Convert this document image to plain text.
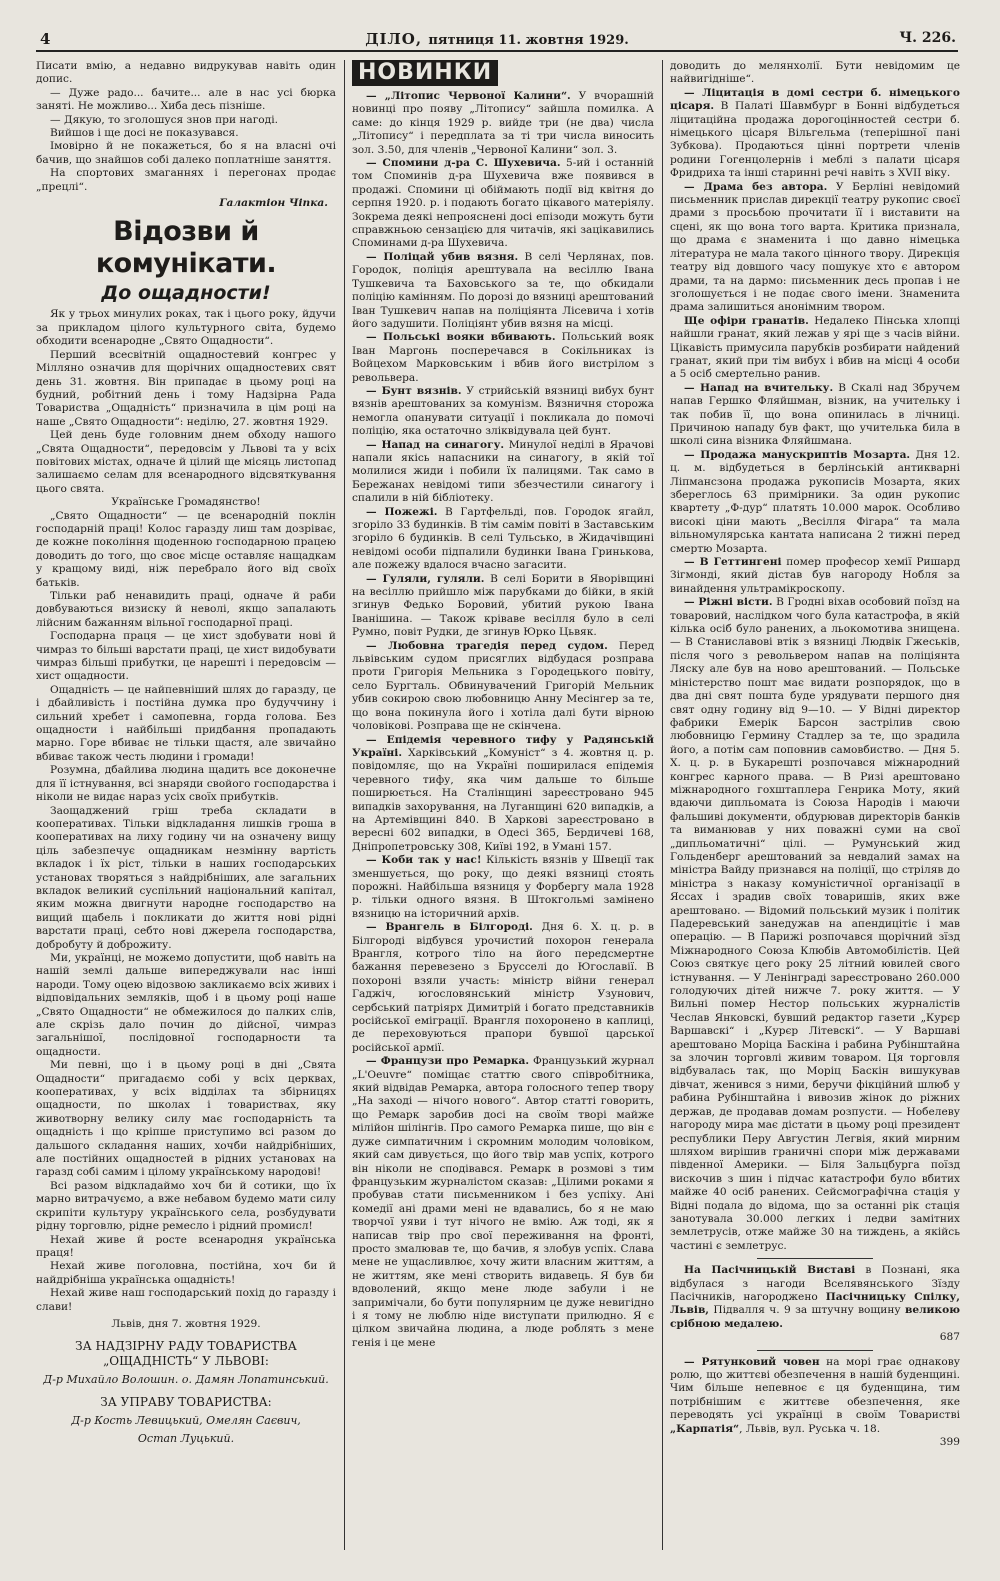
4	ДІЛО, пятниця 11. жовтня 1929.	Ч. 226.

Писати вмію, а недавно видрукував навіть один допис.

— Дуже радо... бачите... але в нас усі бюрка заняті. Не можливо... Хиба десь пізніше.

— Дякую, то зголошуся знов при нагоді.

Вийшов і ще досі не показувався.

Імовірно й не покажеться, бо я на власні очі бачив, що знайшов собі далеко поплатніше заняття.

На спортових змаганнях і перегонах продає „прецлі“.

Галактіон Чіпка.

Відозви й комунікати.
До ощадности!

Як у трьох минулих роках, так і цього року, йдучи за прикладом цілого культурного світа, будемо обходити всенародне „Свято Ощадности“.

Перший всесвітній ощадностевий конгрес у Мілляно означив для щорічних ощадностевих свят день 31. жовтня. Він припадає в цьому році на будний, робітний день і тому Надзірна Рада Товариства „Ощадність“ призначила в цім році на наше „Свято Ощадности“: неділю, 27. жовтня 1929.

Цей день буде головним днем обходу нашого „Свята Ощадности“, передовсім у Львові та у всіх повітових містах, одначе й цілий ще місяць листопад залишаємо селам для всенародного відсвяткування цього свята.

Українське Громадянство!

„Свято Ощадности“ — це всенародній поклін господарній праці! Колос гаразду лиш там дозріває, де кожне покоління щоденною господарною працею доводить до того, що своє місце оставляє нащадкам у кращому виді, ніж перебрало його від своїх батьків.

Тільки раб ненавидить праці, одначе й раби довбуваються визиску й неволі, якщо запалають лійсним бажанням вільної господарної праці.

Господарна праця — це хист здобувати нові й чимраз то більші варстати праці, це хист видобувати чимраз більші прибутки, це нарешті і передовсім — хист ощадности.

Ощадність — це найпевніший шлях до гаразду, це і дбайливість і постійна думка про будуччину і сильний хребет і самопевна, горда голова. Без ощадности і найбільші придбання пропадають марно. Горе вбиває не тільки щастя, але звичайно вбиває також честь людини і громади!

Розумна, дбайлива людина щадить все доконечне для її істнування, всі знаряди свойого господарства і ніколи не видає нараз усіх своїх прибутків.

Заощаджений гріш треба складати в кооперативах. Тільки відкладання лишків гроша в кооперативах на лиху годину чи на означену вищу ціль забезпечує ощадникам незмінну вартість вкладок і їх ріст, тільки в наших господарських установах творяться з найдрібніших, але загальних вкладок великий суспільний національний капітал, яким можна двигнути народне господарство на вищий щабель і покликати до життя нові рідні варстати праці, себто нові джерела господарства, добробуту й доброжиту.

Ми, українці, не можемо допустити, щоб навіть на нашій землі дальше випереджували нас інші народи. Тому оцею відозвою закликаємо всіх живих і відповідальних земляків, щоб і в цьому році наше „Свято Ощадности“ не обмежилося до палких слів, але скрізь дало почин до дійсної, чимраз загальнішої, послідовної господарности та ощадности.

Ми певні, що і в цьому році в дні „Свята Ощадности“ пригадаємо собі у всіх церквах, кооперативах, у всіх відділах та збірницях ощадности, по школах і товариствах, яку животворну велику силу має господарність та ощадність і що кріпше приступимо всі разом до дальшого складання наших, хочби найдрібніших, але постійних ощадностей в рідних установах на гаразд собі самим і цілому українському народові!

Всі разом відкладаймо хоч би й сотики, що їх марно витрачуємо, а вже небавом будемо мати силу скрипіти культуру українського села, розбудувати рідну торговлю, рідне ремесло і рідний промисл!

Нехай живе й росте всенародня українська праця!

Нехай живе поголовна, постійна, хоч би й найдрібніша українська ощадність!

Нехай живе наш господарський похід до гаразду і слави!

Львів, дня 7. жовтня 1929.

ЗА НАДЗІРНУ РАДУ ТОВАРИСТВА „ОЩАДНІСТЬ“ У ЛЬВОВІ:

Д-р Михайло Волошин. о. Дамян Лопатинський.

ЗА УПРАВУ ТОВАРИСТВА:

Д-р Кость Левицький, Омелян Саєвич,

Остап Луцький.

НОВИНКИ

— „Літопис Червоної Калини“. У вчорашній новинці про появу „Літопису“ зайшла помилка. А саме: до кінця 1929 р. вийде три (не два) числа „Літопису“ і передплата за ті три числа виносить зол. 3.50, для членів „Червоної Калини“ зол. 3.

— Спомини д-ра С. Шухевича. 5-ий і останній том Споминів д-ра Шухевича вже появився в продажі. Спомини ці обіймають події від квітня до серпня 1920. р. і подають богато цікавого матеріялу. Зокрема деякі непрояснені досі епізоди можуть бути справжньою сензацією для читачів, які зацікавились Споминами д-ра Шухевича.

— Поліцай убив вязня. В селі Черлянах, пов. Городок, поліція арештувала на весіллю Івана Тушкевича та Баховського за те, що обкидали поліцію камінням. По дорозі до вязниці арештований Іван Тушкевич напав на поліціянта Лісевича і хотів його задушити. Поліціянт убив вязня на місці.

— Польські вояки вбивають. Польський вояк Іван Маргонь посперечався в Сокільниках із Войцехом Марковським і вбив його вистрілом з револьвера.

— Бунт вязнів. У стрийській вязниці вибух бунт вязнів арештованих за комунізм. Вязничня сторожа немогла опанувати ситуації і покликала до помочі поліцію, яка остаточно зліквідувала цей бунт.

— Напад на синагогу. Минулої неділі в Ярачові напали якісь напасники на синагогу, в якій тої молилися жиди і побили їх палицями. Так само в Бережанах невідомі типи збезчестили синагогу і спалили в ній бібліотеку.

— Пожежі. В Гартфельді, пов. Городок ягайл, згоріло 33 будинків. В тім самім повіті в Заставським згоріло 6 будинків. В селі Тульсько, в Жидачівщині невідомі особи підпалили будинки Івана Гриньковa, але пожежу вдалося вчасно загасити.

— Гуляли, гуляли. В селі Борити в Яворівщині на весіллю прийшло між парубками до бійки, в якій згинув Федько Боровий, убитий рукою Івана Іванішина. — Також кріваве весілля було в селі Румно, повіт Рудки, де згинув Юрко Цьвяк.

— Любовна трагедія перед судом. Перед львівським судом присяглих відбудася розправа проти Григорія Мельника з Городецького повіту, село Бургталь. Обвинувачений Григорій Мельник убив сокирою свою любовницю Анну Месінгер за те, що вона покинула його і хотіла далі бути вірною чоловікові. Розправа ще не скінчена.

— Епідемія черевного тифу у Радянській Україні. Харківський „Комуніст“ з 4. жовтня ц. р. повідомляє, що на Україні поширилася епідемія черевного тифу, яка чим дальше то більше поширюється. На Сталінщині зареєстровано 945 випадків захорування, на Луганщині 620 випадків, а на Артемівщині 840. В Харкові зареєстровано в вересні 602 випадки, в Одесі 365, Бердичеві 168, Дніпропетровську 308, Київі 192, в Умані 157.

— Коби так у нас! Кількість вязнів у Швеції так зменшується, що року, що деякі вязниці стоять порожні. Найбільша вязниця у Форбергу мала 1928 р. тільки одного вязня. В Штокгольмі замінено вязницю на історичний архів.

— Врангель в Білгороді. Дня 6. Х. ц. р. в Білгороді відбувся урочистий похорон генерала Врангля, котрого тіло на його передсмертне бажання перевезено з Брусселі до Югославії. В похороні взяли участь: міністр війни генерал Гаджіч, югословянський міністр Узунович, сербський патріярх Димитрій і богато представників російської еміграції. Врангля похоронено в каплиці, де переховуються прапори бувшої царської російської армії.

— Французи про Ремарка. Французький журнал „L'Oeuvre“ поміщає статтю свого співробітника, який відвідав Ремарка, автора голосного тепер твору „На заході — нічого нового“. Автор статті говорить, що Ремарк заробив досі на своїм творі майже мілійон шілінгів. Про самого Ремарка пише, що він є дуже симпатичним і скромним молодим чоловіком, який сам дивується, що його твір мав успіх, котрого він ніколи не сподівався. Ремарк в розмові з тим французьким журналістом сказав: „Цілими роками я пробував стати письменником і без успіху. Ані комедії ані драми мені не вдавались, бо я не маю творчої уяви і тут нічого не вмію. Аж тоді, як я написав твір про свої переживання на фронті, просто змалював те, що бачив, я злобув успіх. Слава мене не ущасливлює, хочу жити власним життям, а не життям, яке мені створить видавець. Я був би вдоволений, якщо мене люде забули і не запримічали, бо бути популярним це дуже невигідно і я тому не люблю ніде виступати прилюдно. Я є цілком звичайна людина, а люде роблять з мене генія і це мене

доводить до мелянхолії. Бути невідомим це найвигідніше“.

— Ліцитація в домі сестри б. німецького цісаря. В Палаті Шавмбург в Бонні відбудеться ліцитаційна продажа дорогоцінностей сестри б. німецького цісаря Вільгельма (теперішної пані Зубкова). Продаються цінні портрети членів родини Гогенцолернів і меблі з палати цісаря Фридриха та інші старинні речі навіть з XVII віку.

— Драма без автора. У Берліні невідомий письменник прислав дирекції театру рукопис своєї драми з просьбою прочитати її і виставити на сцені, як що вона того варта. Критика признала, що драма є знаменита і що давно німецька література не мала такого цінного твору. Дирекція театру від довшого часу пошукує хто є автором драми, та на дармо: письменник десь пропав і не зголошується і не подає свого імени. Знаменита драма залишиться анонімним твором.

Ще офіри гранатів. Недалеко Пінська хлопці найшли гранат, який лежав у ярі ще з часів війни. Цікавість примусила парубків розбирати найдений гранат, який при тім вибух і вбив на місці 4 особи а 5 осіб смертельно ранив.

— Напад на вчительку. В Скалі над Збручем напав Гершко Фляйшман, візник, на учительку і так побив її, що вона опинилась в лічниці. Причиною нападу був факт, що учителька била в школі сина візника Фляйшмана.

— Продажа манускриптів Мозарта. Дня 12. ц. м. відбудеться в берлінській антикварні Ліпмансзона продажа рукописів Мозарта, яких збереглось 63 примірники. За один рукопис квартету „Ф-дур“ платять 10.000 марок. Особливо високі ціни мають „Весілля Фігара“ та мала вільномулярська кантата написана 2 тижні перед смертю Мозарта.

— В Геттингені помер професор хемії Ришард Зігмонді, який дістав був нагороду Нобля за винайдення ультрамікроскопу.

— Ріжні вісти. В Гродні віхав особовий поїзд на товаровий, наслідком чого була катастрофа, в якій кілька осіб було ранених, а льокомотива знищена. — В Станиславові втік з вязниці Людвік Гжеськів, після чого з револьвером напав на поліціянта Ляску але був на ново арештований. — Польське міністерство пошт має видати розпорядок, що в два дні свят пошта буде урядувати першого дня свят одну годину від 9—10. — У Відні директор фабрики Емерік Барсон застрілив свою любовницю Гермину Стадлер за те, що зрадила його, а потім сам поповнив самовбиство. — Дня 5. Х. ц. р. в Букарешті розпочався міжнародний конгрес карного права. — В Ризі арештовано міжнародного гохштаплера Генрика Моту, який вдаючи дипльомата із Союза Народів і маючи фальшиві документи, обдурював директорів банків та виманював у них поважні суми на свої „дипльоматичні“ цілі. — Румунський жид Гольденберг арештований за невдалий замах на міністра Вайду признався на поліції, що стріляв до міністра з наказу комуністичної організації в Яссах і зрадив своїх товаришів, яких вже арештовано. — Відомий польський музик і політик Падеревський занедужав на апендицітіє і мав операцію. — В Парижі розпочався щорічний зїзд Міжнародного Союза Клюбів Автомобілістів. Цей Союз святкує цего року 25 літний ювилей свого істнування. — У Ленінграді зареєстровано 260.000 голодуючих дітей нижче 7. року життя. — У Вильні помер Нестор польських журналістів Чеслав Янковскі, бувший редактор газети „Курєр Варшавскі“ і „Курєр Літевскі“. — У Варшаві арештовано Моріца Баскіна і рабина Рубінштайна за злочин торговлі живим товаром. Ця торговля відбувалась так, що Моріц Баскін вишукував дівчат, женився з ними, беручи фікційний шлюб у рабина Рубінштайна і вивозив жінок до ріжних держав, де продавав домам розпусти. — Нобелеву нагороду мира має дістати в цьому році президент республики Перу Августин Легвія, який мирним шляхом вирішив граничні спори між державами південної Америки. — Біля Зальцбурга поїзд вискочив з шин і підчас катастрофи було вбитих майже 40 осіб ранених. Сейсмографічна стація у Відні подала до відома, що за останні рік стація занотувала 30.000 легких і ледви замітних землетрусів, отже майже 30 на тиждень, а якійсь частині є землетрус.

На Пасічницькій Виставі в Познані, яка відбулася з нагоди Вселявянського Зїзду Пасічників, нагороджено Пасічницьку Спілку, Львів, Підвалля ч. 9 за штучну вощину великою срібною медалею.

687

— Рятунковий човен на морі грає однакову ролю, що життєві обезпечення в нашій буденщині. Чим більше непевноє є ця буденщина, тим потрібнішим є життєве обезпечення, яке переводять усі українці в своїм Товаристві „Карпатія“, Львів, вул. Руська ч. 18.

399
